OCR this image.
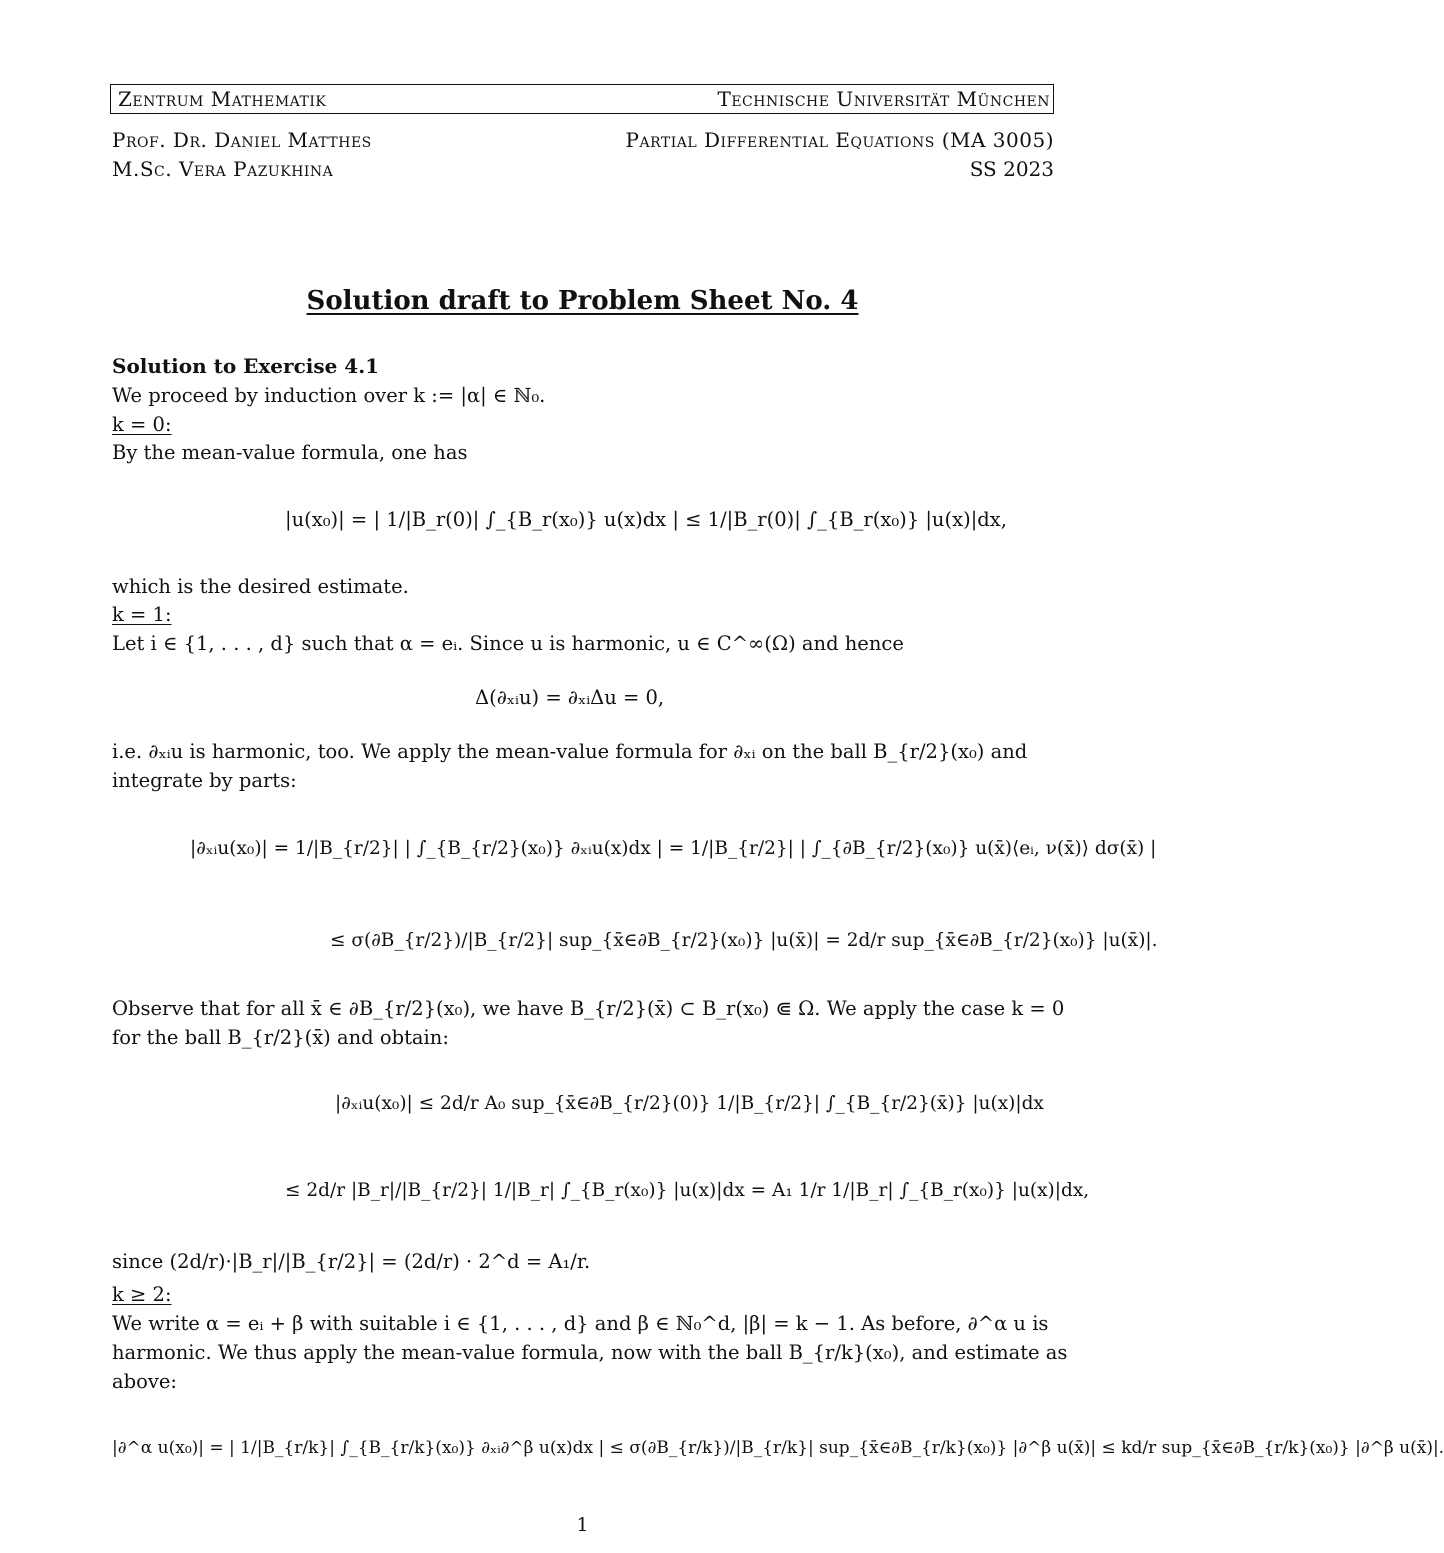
Zentrum Mathematik	Technische Universität München
Prof. Dr. Daniel Matthes	Partial Differential Equations (MA 3005)
M.Sc. Vera Pazukhina	SS 2023
Solution draft to Problem Sheet No. 4
Solution to Exercise 4.1
We proceed by induction over k := |α| ∈ ℕ₀.
k = 0:
By the mean-value formula, one has
|u(x₀)| = | 1/|B_r(0)| ∫_{B_r(x₀)} u(x)dx | ≤ 1/|B_r(0)| ∫_{B_r(x₀)} |u(x)|dx,
which is the desired estimate.
k = 1:
Let i ∈ {1, . . . , d} such that α = eᵢ. Since u is harmonic, u ∈ C^∞(Ω) and hence
Δ(∂ₓᵢu) = ∂ₓᵢΔu = 0,
i.e. ∂ₓᵢu is harmonic, too. We apply the mean-value formula for ∂ₓᵢ on the ball B_{r/2}(x₀) and
integrate by parts:
|∂ₓᵢu(x₀)| = 1/|B_{r/2}| | ∫_{B_{r/2}(x₀)} ∂ₓᵢu(x)dx | = 1/|B_{r/2}| | ∫_{∂B_{r/2}(x₀)} u(x̄)⟨eᵢ, ν(x̄)⟩ dσ(x̄) |
≤ σ(∂B_{r/2})/|B_{r/2}| sup_{x̄∈∂B_{r/2}(x₀)} |u(x̄)| = 2d/r sup_{x̄∈∂B_{r/2}(x₀)} |u(x̄)|.
Observe that for all x̄ ∈ ∂B_{r/2}(x₀), we have B_{r/2}(x̄) ⊂ B_r(x₀) ⋐ Ω. We apply the case k = 0
for the ball B_{r/2}(x̄) and obtain:
|∂ₓᵢu(x₀)| ≤ 2d/r A₀ sup_{x̄∈∂B_{r/2}(0)} 1/|B_{r/2}| ∫_{B_{r/2}(x̄)} |u(x)|dx
≤ 2d/r |B_r|/|B_{r/2}| 1/|B_r| ∫_{B_r(x₀)} |u(x)|dx = A₁ 1/r 1/|B_r| ∫_{B_r(x₀)} |u(x)|dx,
since (2d/r)·|B_r|/|B_{r/2}| = (2d/r) · 2^d = A₁/r.
k ≥ 2:
We write α = eᵢ + β with suitable i ∈ {1, . . . , d} and β ∈ ℕ₀^d, |β| = k − 1. As before, ∂^α u is
harmonic. We thus apply the mean-value formula, now with the ball B_{r/k}(x₀), and estimate as
above:
|∂^α u(x₀)| = | 1/|B_{r/k}| ∫_{B_{r/k}(x₀)} ∂ₓᵢ∂^β u(x)dx | ≤ σ(∂B_{r/k})/|B_{r/k}| sup_{x̄∈∂B_{r/k}(x₀)} |∂^β u(x̄)| ≤ kd/r sup_{x̄∈∂B_{r/k}(x₀)} |∂^β u(x̄)|.
1
